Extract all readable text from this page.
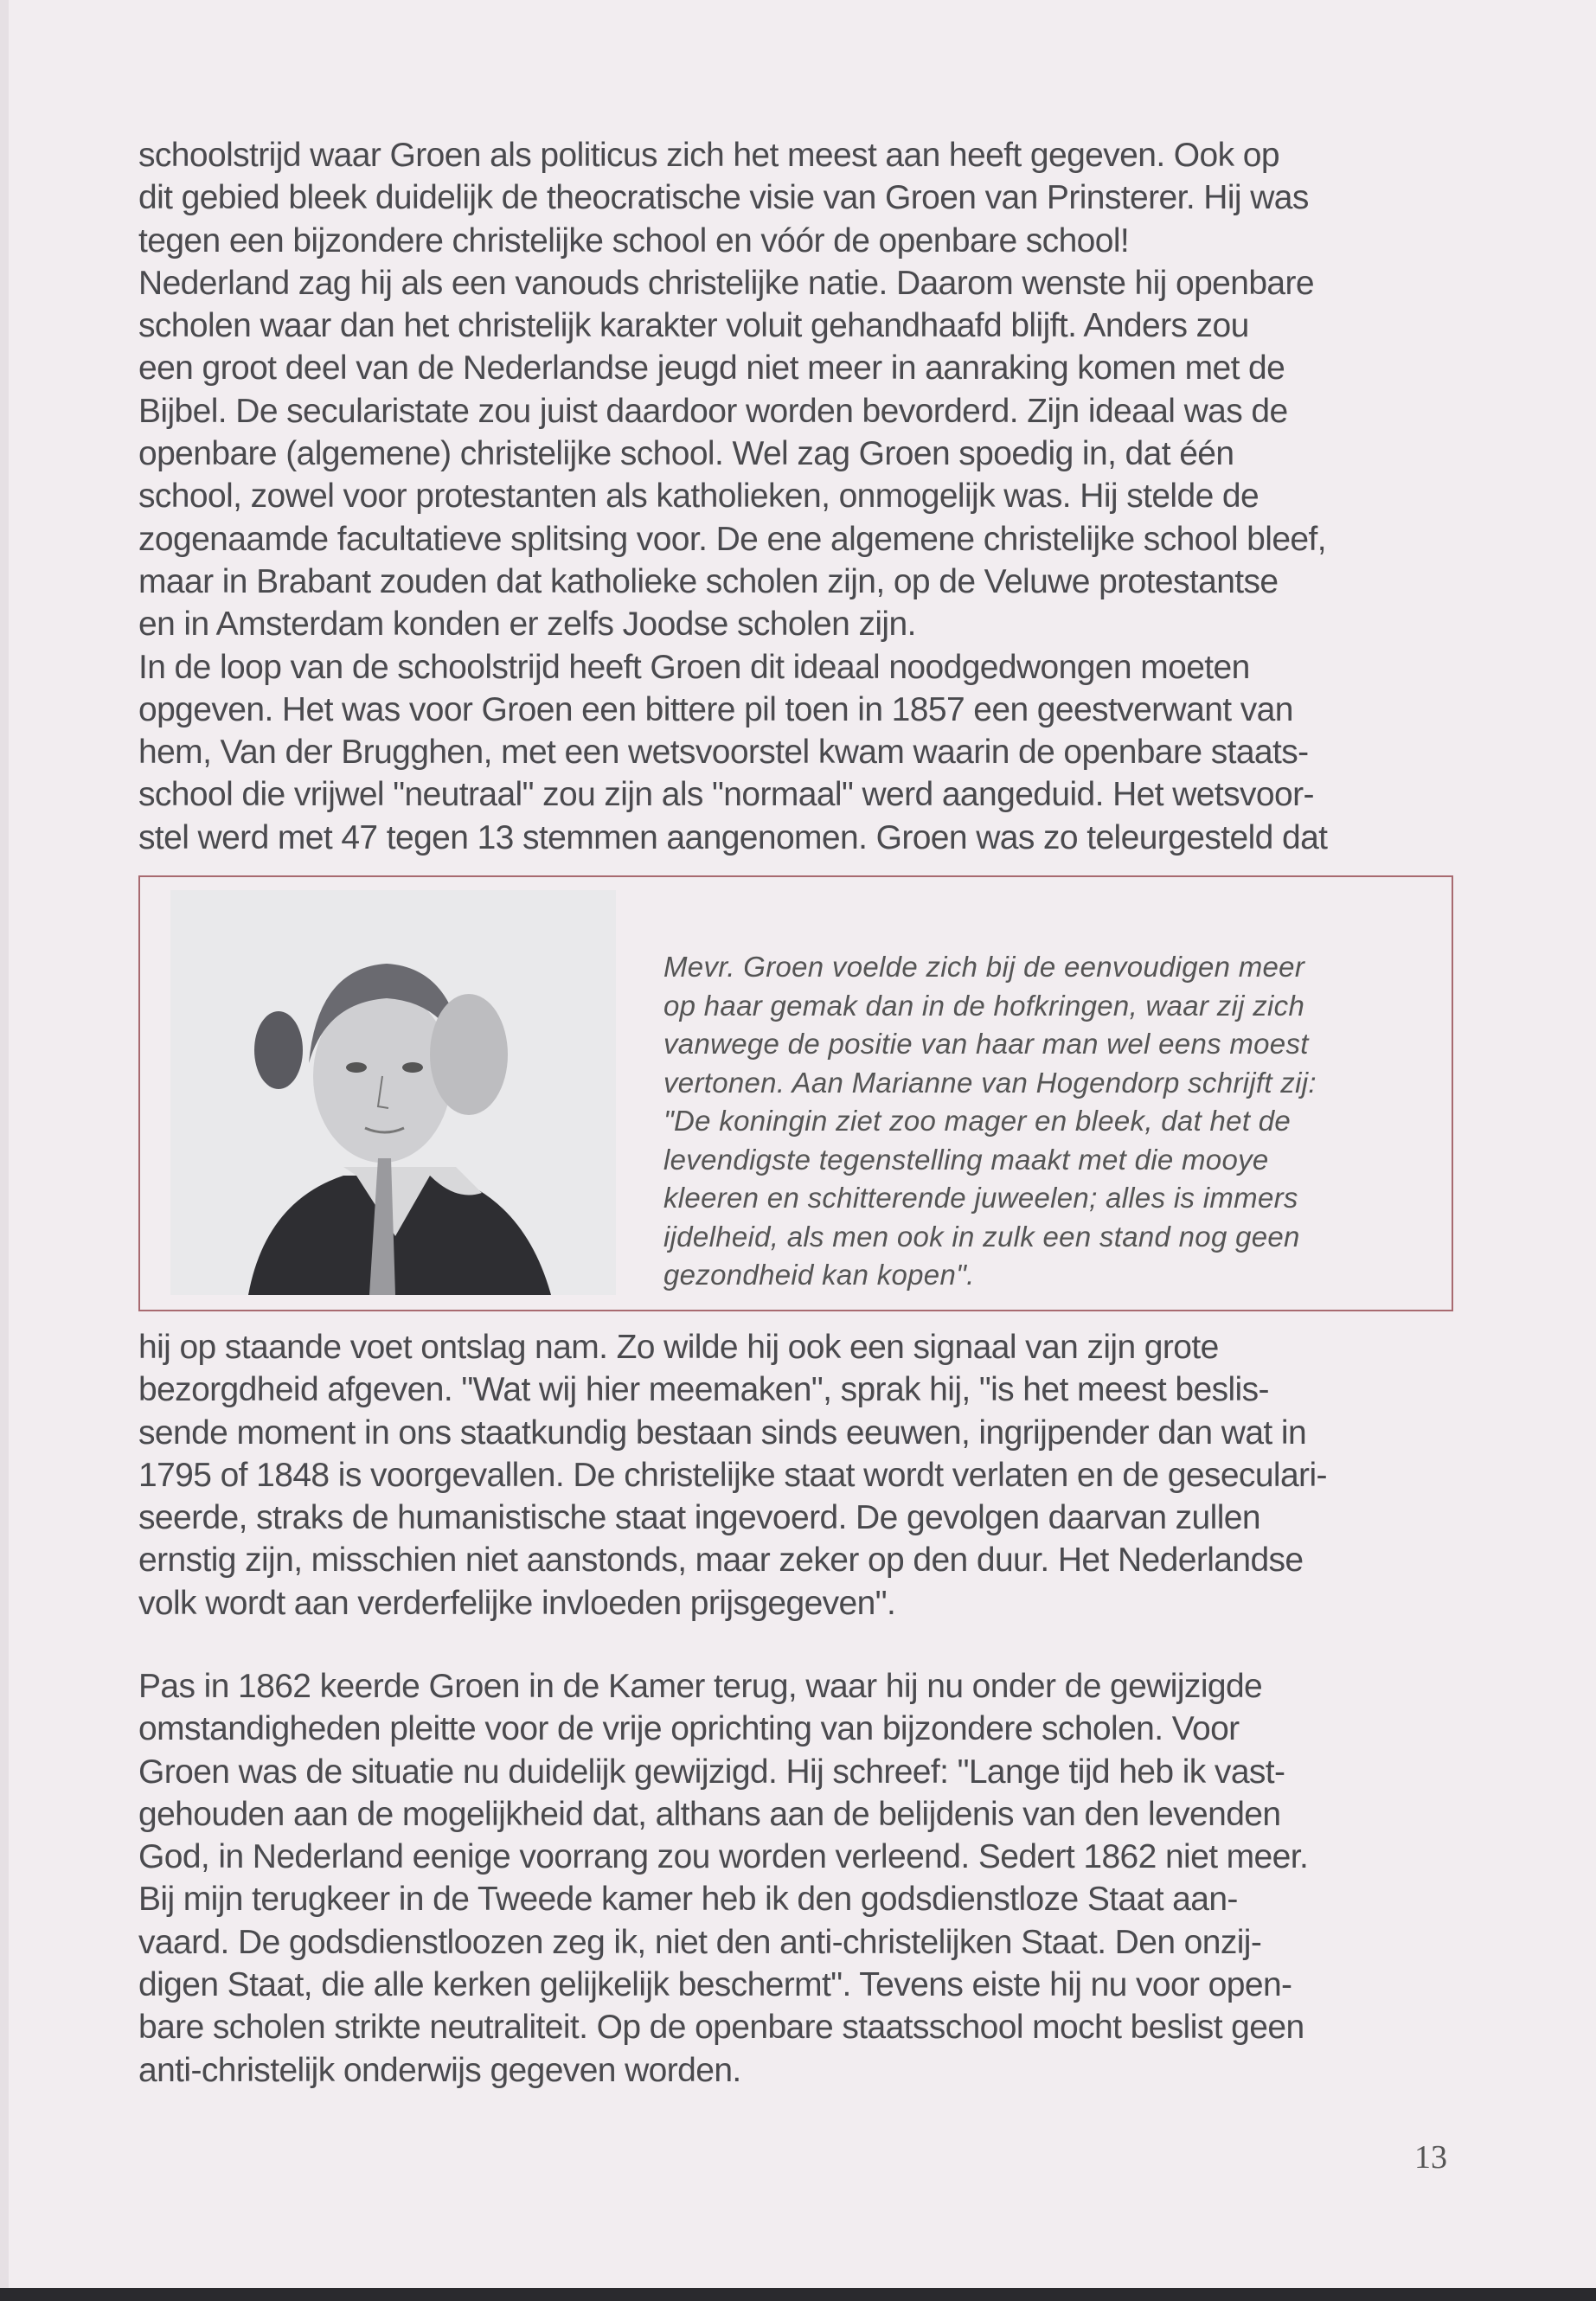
schoolstrijd waar Groen als politicus zich het meest aan heeft gegeven. Ook op
dit gebied bleek duidelijk de theocratische visie van Groen van Prinsterer. Hij was
tegen een bijzondere christelijke school en vóór de openbare school!
Nederland zag hij als een vanouds christelijke natie. Daarom wenste hij openbare
scholen waar dan het christelijk karakter voluit gehandhaafd blijft. Anders zou
een groot deel van de Nederlandse jeugd niet meer in aanraking komen met de
Bijbel. De secularistate zou juist daardoor worden bevorderd. Zijn ideaal was de
openbare (algemene) christelijke school. Wel zag Groen spoedig in, dat één
school, zowel voor protestanten als katholieken, onmogelijk was. Hij stelde de
zogenaamde facultatieve splitsing voor. De ene algemene christelijke school bleef,
maar in Brabant zouden dat katholieke scholen zijn, op de Veluwe protestantse
en in Amsterdam konden er zelfs Joodse scholen zijn.
In de loop van de schoolstrijd heeft Groen dit ideaal noodgedwongen moeten
opgeven. Het was voor Groen een bittere pil toen in 1857 een geestverwant van
hem, Van der Brugghen, met een wetsvoorstel kwam waarin de openbare staats-
school die vrijwel "neutraal" zou zijn als "normaal" werd aangeduid. Het wetsvoor-
stel werd met 47 tegen 13 stemmen aangenomen. Groen was zo teleurgesteld dat
Mevr. Groen voelde zich bij de eenvoudigen meer
op haar gemak dan in de hofkringen, waar zij zich
vanwege de positie van haar man wel eens moest
vertonen. Aan Marianne van Hogendorp schrijft zij:
"De koningin ziet zoo mager en bleek, dat het de
levendigste tegenstelling maakt met die mooye
kleeren en schitterende juweelen; alles is immers
ijdelheid, als men ook in zulk een stand nog geen
gezondheid kan kopen".
hij op staande voet ontslag nam. Zo wilde hij ook een signaal van zijn grote
bezorgdheid afgeven. "Wat wij hier meemaken", sprak hij, "is het meest beslis-
sende moment in ons staatkundig bestaan sinds eeuwen, ingrijpender dan wat in
1795 of 1848 is voorgevallen. De christelijke staat wordt verlaten en de geseculari-
seerde, straks de humanistische staat ingevoerd. De gevolgen daarvan zullen
ernstig zijn, misschien niet aanstonds, maar zeker op den duur. Het Nederlandse
volk wordt aan verderfelijke invloeden prijsgegeven".
Pas in 1862 keerde Groen in de Kamer terug, waar hij nu onder de gewijzigde
omstandigheden pleitte voor de vrije oprichting van bijzondere scholen. Voor
Groen was de situatie nu duidelijk gewijzigd. Hij schreef: "Lange tijd heb ik vast-
gehouden aan de mogelijkheid dat, althans aan de belijdenis van den levenden
God, in Nederland eenige voorrang zou worden verleend. Sedert 1862 niet meer.
Bij mijn terugkeer in de Tweede kamer heb ik den godsdienstloze Staat aan-
vaard. De godsdienstloozen zeg ik, niet den anti-christelijken Staat. Den onzij-
digen Staat, die alle kerken gelijkelijk beschermt". Tevens eiste hij nu voor open-
bare scholen strikte neutraliteit. Op de openbare staatsschool mocht beslist geen
anti-christelijk onderwijs gegeven worden.
13
